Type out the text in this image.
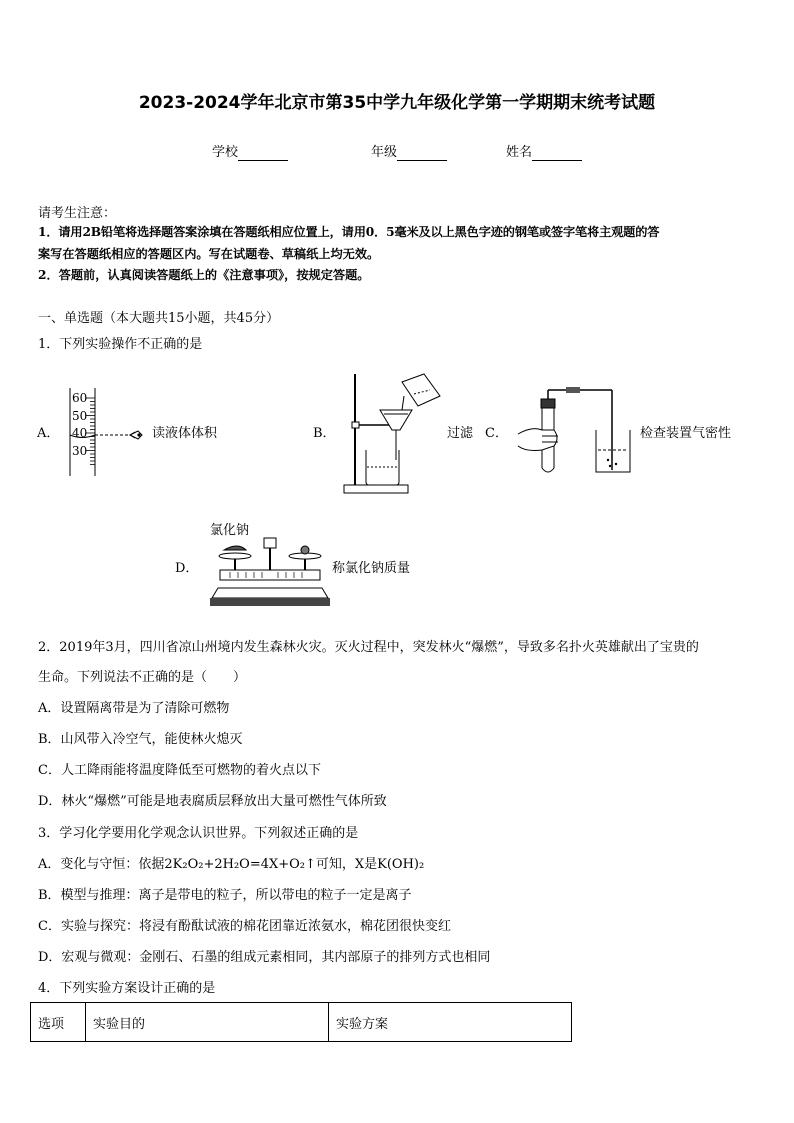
2023-2024学年北京市第35中学九年级化学第一学期期末统考试题
学校	年级	姓名
请考生注意：
1．请用2B铅笔将选择题答案涂填在答题纸相应位置上，请用0．5毫米及以上黑色字迹的钢笔或签字笔将主观题的答
案写在答题纸相应的答题区内。写在试题卷、草稿纸上均无效。
2．答题前，认真阅读答题纸上的《注意事项》，按规定答题。
一、单选题（本大题共15小题，共45分）
1．下列实验操作不正确的是
A．
60
50
40
30
读液体体积	B．	过滤 C．	检查装置气密性
氯化钠
D．	称氯化钠质量
2．2019年3月，四川省凉山州境内发生森林火灾。灭火过程中，突发林火“爆燃”，导致多名扑火英雄献出了宝贵的
生命。下列说法不正确的是（　　）
A．设置隔离带是为了清除可燃物
B．山风带入冷空气，能使林火熄灭
C．人工降雨能将温度降低至可燃物的着火点以下
D．林火“爆燃”可能是地表腐质层释放出大量可燃性气体所致
3．学习化学要用化学观念认识世界。下列叙述正确的是
A．变化与守恒：依据2K₂O₂+2H₂O=4X+O₂↑可知，X是K(OH)₂
B．模型与推理：离子是带电的粒子，所以带电的粒子一定是离子
C．实验与探究：将浸有酚酞试液的棉花团靠近浓氨水，棉花团很快变红
D．宏观与微观：金刚石、石墨的组成元素相同，其内部原子的排列方式也相同
4．下列实验方案设计正确的是
选项	实验目的	实验方案
